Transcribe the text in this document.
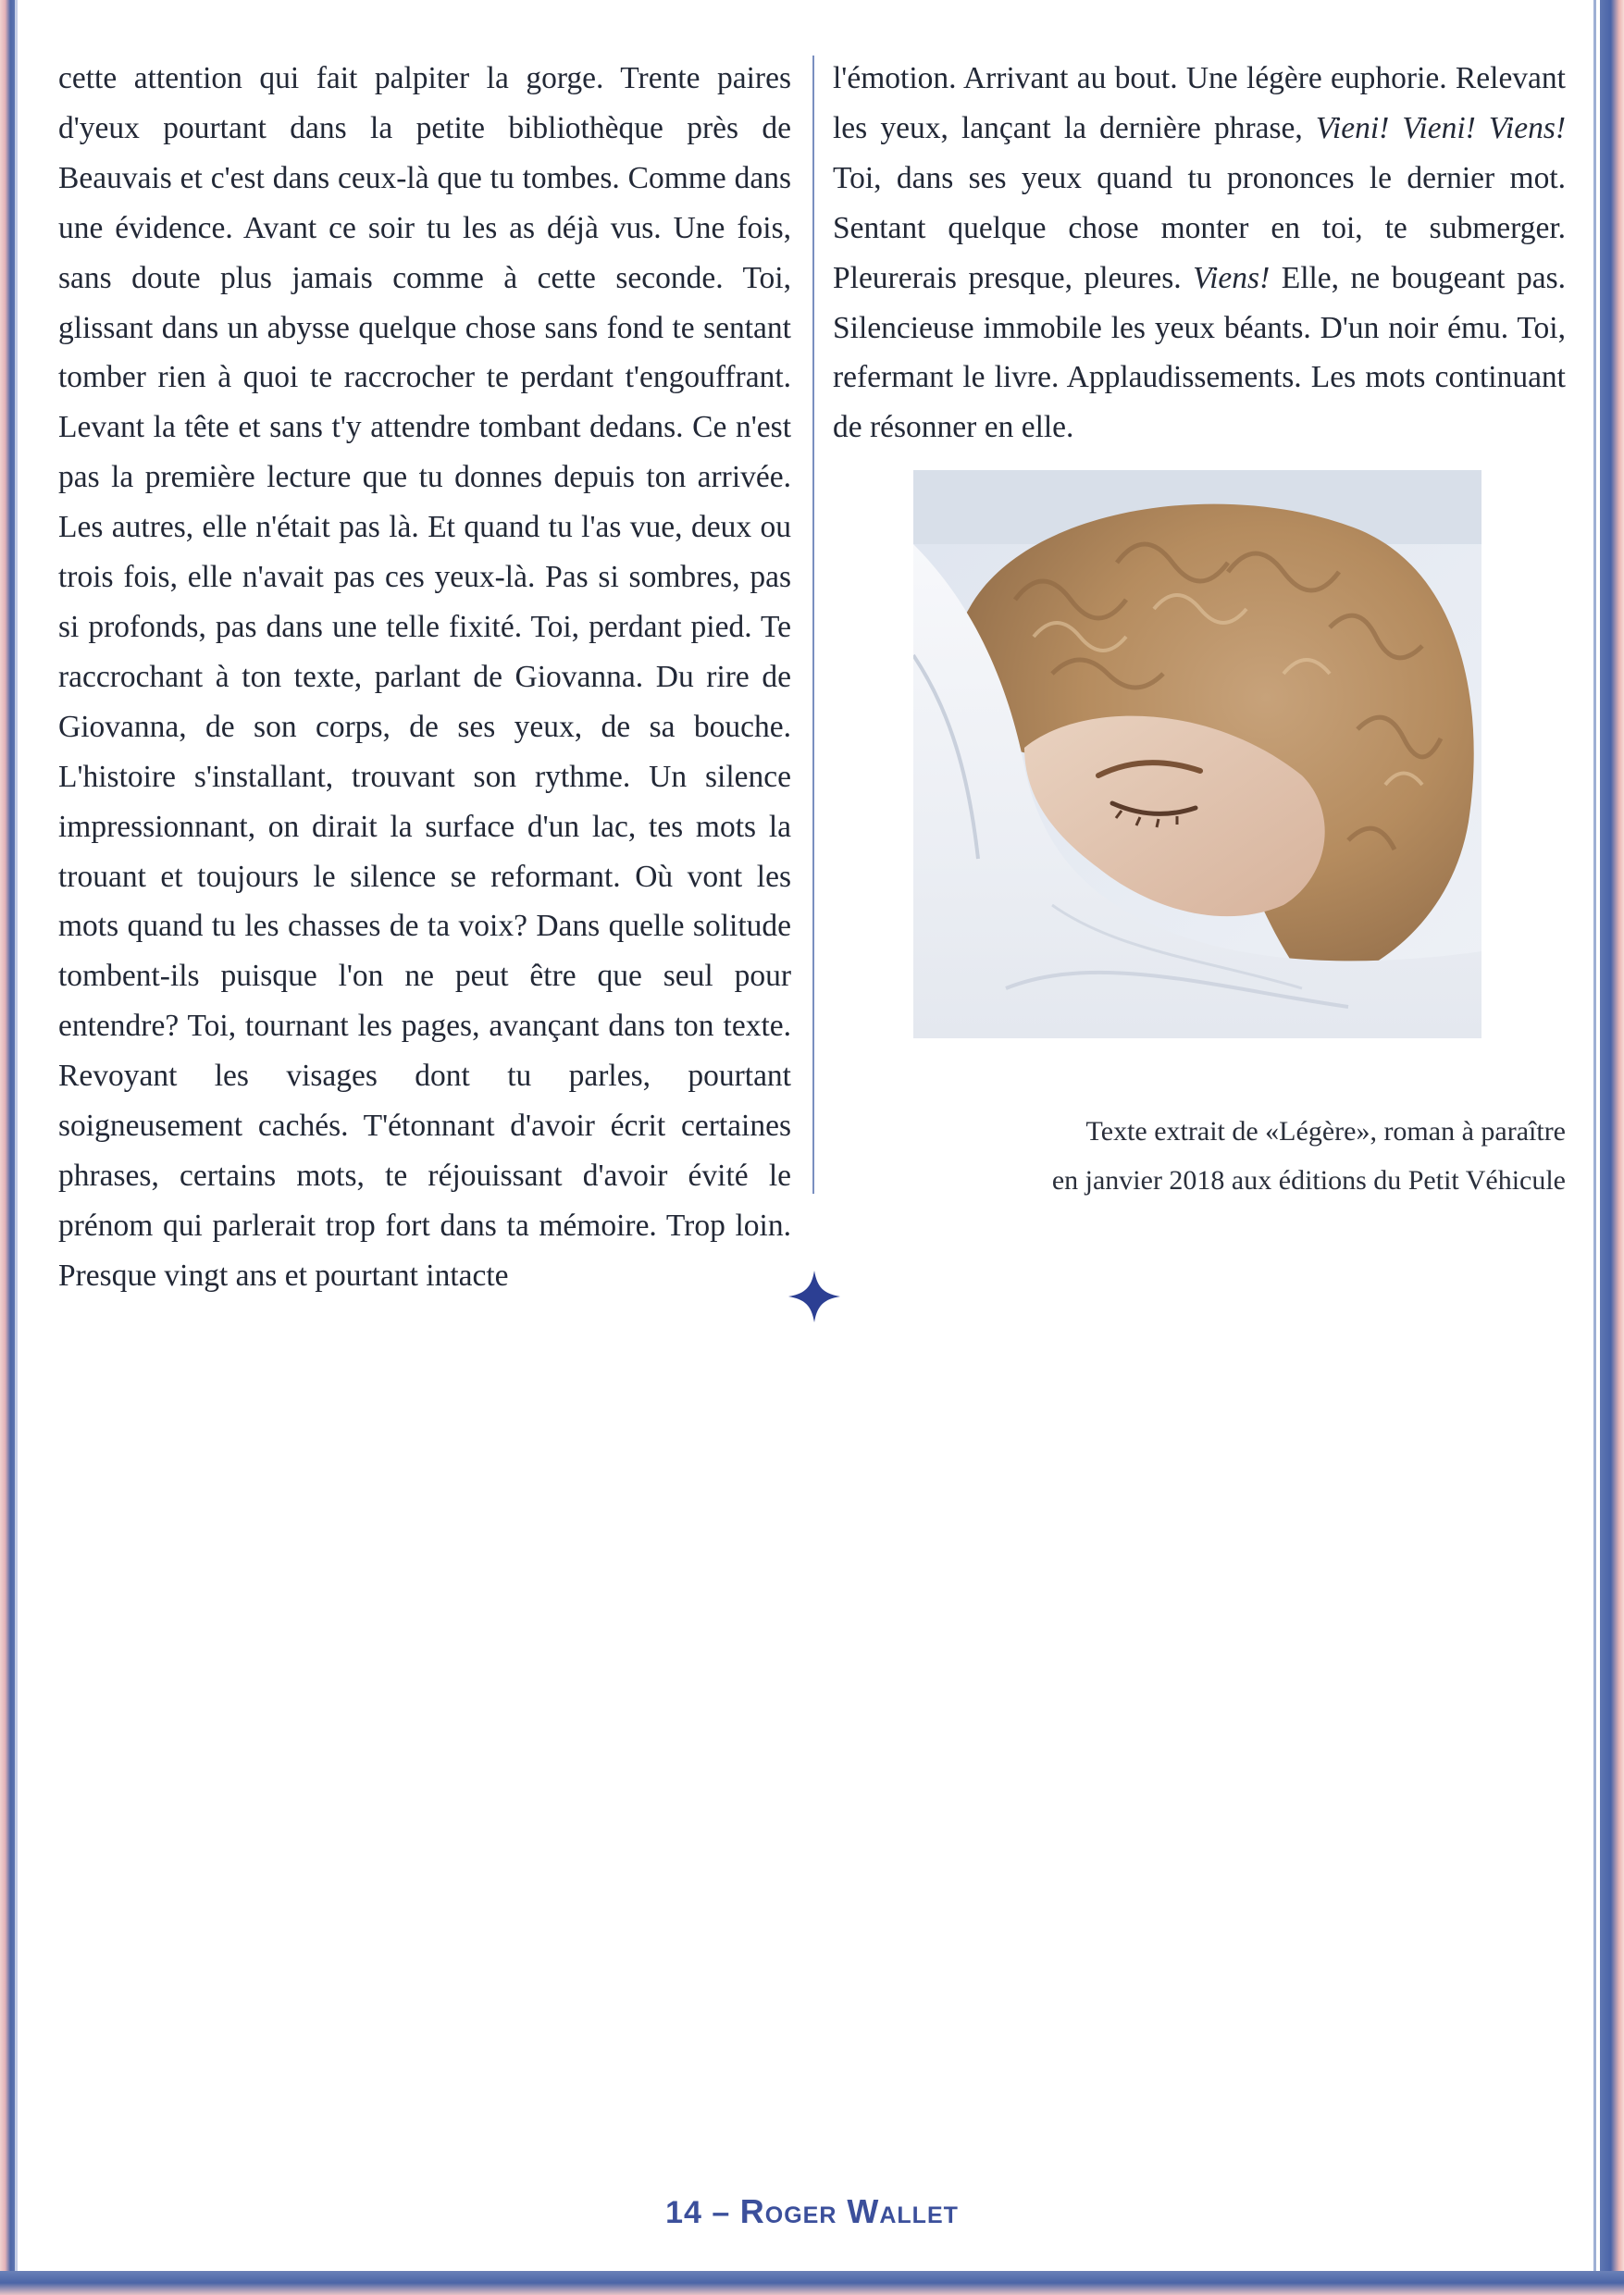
cette attention qui fait palpiter la gorge. Trente paires d'yeux pourtant dans la petite bibliothèque près de Beauvais et c'est dans ceux-là que tu tombes. Comme dans une évidence. Avant ce soir tu les as déjà vus. Une fois, sans doute plus jamais comme à cette seconde. Toi, glissant dans un abysse quelque chose sans fond te sentant tomber rien à quoi te raccrocher te perdant t'engouffrant. Levant la tête et sans t'y attendre tombant dedans. Ce n'est pas la première lecture que tu donnes depuis ton arrivée. Les autres, elle n'était pas là. Et quand tu l'as vue, deux ou trois fois, elle n'avait pas ces yeux-là. Pas si sombres, pas si profonds, pas dans une telle fixité. Toi, perdant pied. Te raccrochant à ton texte, parlant de Giovanna. Du rire de Giovanna, de son corps, de ses yeux, de sa bouche. L'histoire s'installant, trouvant son rythme. Un silence impressionnant, on dirait la surface d'un lac, tes mots la trouant et toujours le silence se reformant. Où vont les mots quand tu les chasses de ta voix? Dans quelle solitude tombent-ils puisque l'on ne peut être que seul pour entendre? Toi, tournant les pages, avançant dans ton texte. Revoyant les visages dont tu parles, pourtant soigneusement cachés. T'étonnant d'avoir écrit certaines phrases, certains mots, te réjouissant d'avoir évité le prénom qui parlerait trop fort dans ta mémoire. Trop loin. Presque vingt ans et pourtant intacte

l'émotion. Arrivant au bout. Une légère euphorie. Relevant les yeux, lançant la dernière phrase, Vieni! Vieni! Viens! Toi, dans ses yeux quand tu prononces le dernier mot. Sentant quelque chose monter en toi, te submerger. Pleurerais presque, pleures. Viens! Elle, ne bougeant pas. Silencieuse immobile les yeux béants. D'un noir ému. Toi, refermant le livre. Applaudissements. Les mots continuant de résonner en elle.

Texte extrait de «Légère», roman à paraître

en janvier 2018 aux éditions du Petit Véhicule

14 – Roger Wallet
